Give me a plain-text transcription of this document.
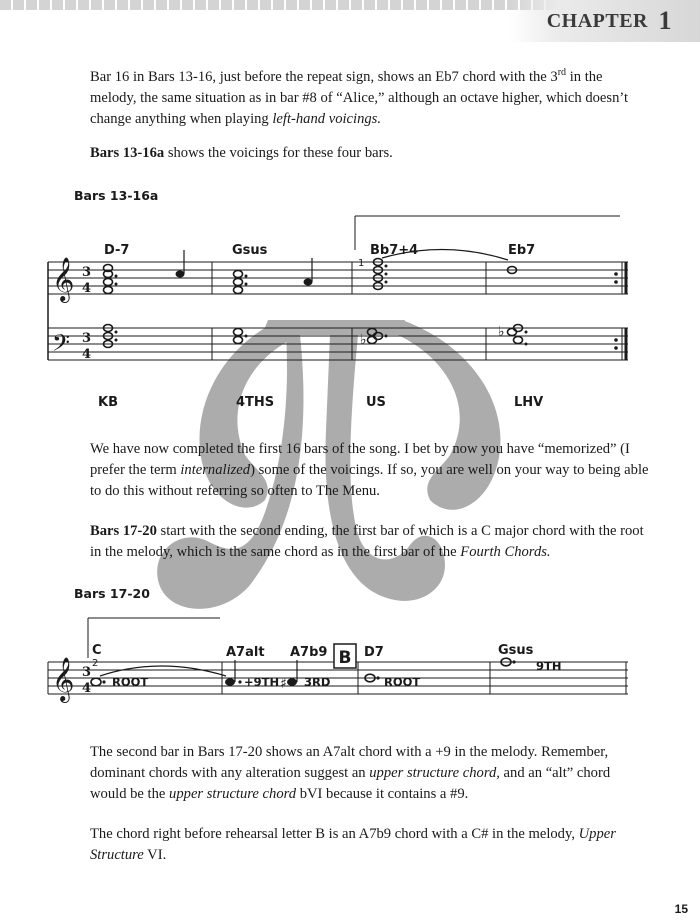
CHAPTER 1
Bar 16 in Bars 13-16, just before the repeat sign, shows an Eb7 chord with the 3rd in the melody, the same situation as in bar #8 of “Alice,” although an octave higher, which doesn’t change anything when playing left-hand voicings.
Bars 13-16a shows the voicings for these four bars.
Bars 13-16a
𝄞
𝄢
3
4
3
4
1
D-7	Gsus	Bb7+4	Eb7
♭	♭
KB	4THS	US	LHV
We have now completed the first 16 bars of the song. I bet by now you have “memorized” (I prefer the term internalized) some of the voicings. If so, you are well on your way to being able to do this without referring so often to The Menu.
Bars 17-20 start with the second ending, the first bar of which is a C major chord with the root in the melody, which is the same chord as in the first bar of the Fourth Chords.
Bars 17-20
𝄞 3
4
2
C	A7alt A7b9	D7	Gsus
B
♯
ROOT	+9TH 3RD	ROOT
9TH
The second bar in Bars 17-20 shows an A7alt chord with a +9 in the melody. Remember, dominant chords with any alteration suggest an upper structure chord, and an “alt” chord would be the upper structure chord bVI because it contains a #9.
The chord right before rehearsal letter B is an A7b9 chord with a C# in the melody, Upper Structure VI.
15
